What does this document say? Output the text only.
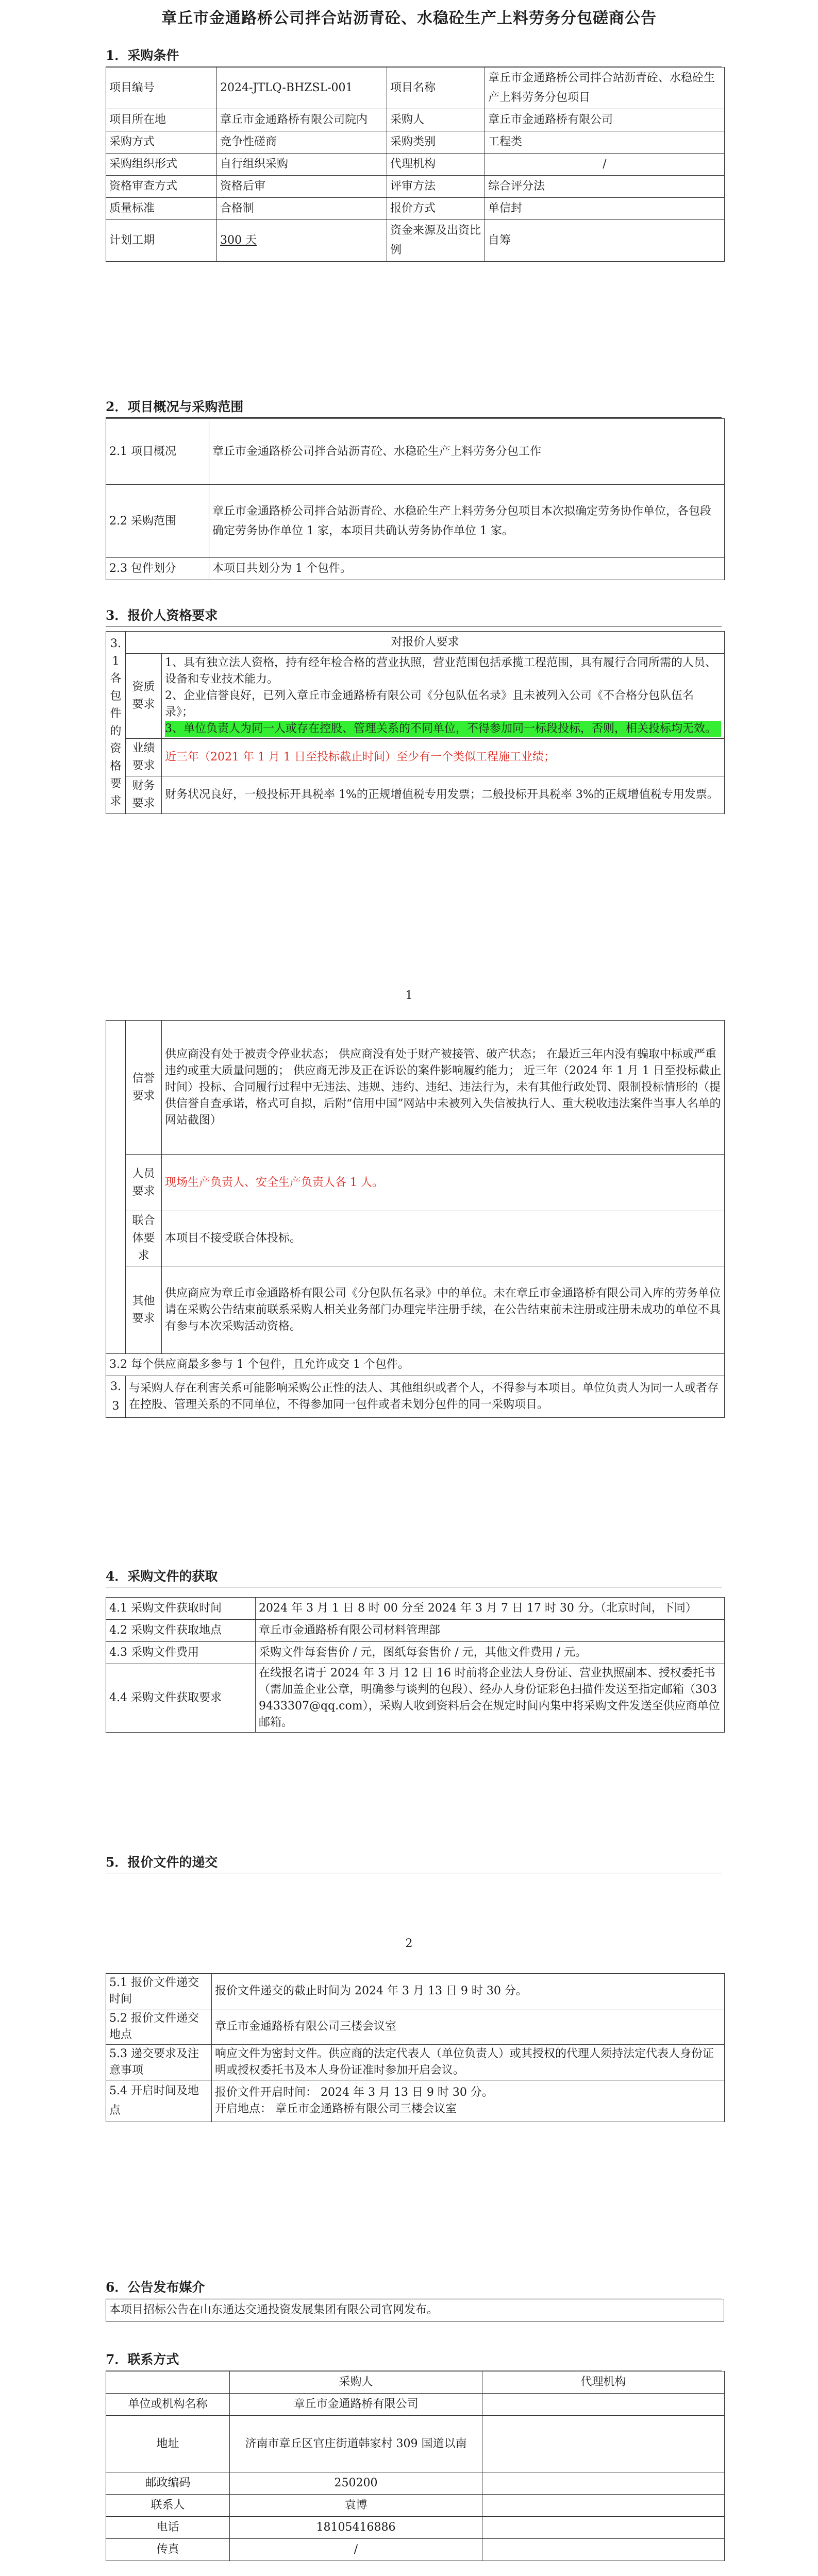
章丘市金通路桥公司拌合站沥青砼、水稳砼生产上料劳务分包磋商公告
1．采购条件
项目编号	2024-JTLQ-BHZSL-001	项目名称	章丘市金通路桥公司拌合站沥青砼、水稳砼生产上料劳务分包项目
项目所在地	章丘市金通路桥有限公司院内	采购人	章丘市金通路桥有限公司
采购方式	竞争性磋商	采购类别	工程类
采购组织形式	自行组织采购	代理机构	/
资格审查方式	资格后审	评审方法	综合评分法
质量标准	合格制	报价方式	单信封
计划工期	300 天	资金来源及出资比例	自筹
2．项目概况与采购范围
2.1 项目概况	章丘市金通路桥公司拌合站沥青砼、水稳砼生产上料劳务分包工作
2.2 采购范围	章丘市金通路桥公司拌合站沥青砼、水稳砼生产上料劳务分包项目本次拟确定劳务协作单位，各包段确定劳务协作单位 1 家，本项目共确认劳务协作单位 1 家。
2.3 包件划分	本项目共划分为 1 个包件。
3．报价人资格要求
3.1 各包件的资格要求	对报价人要求	
	资质要求	1、具有独立法人资格，持有经年检合格的营业执照，营业范围包括承揽工程范围，具有履行合同所需的人员、设备和专业技术能力。
2、企业信誉良好，已列入章丘市金通路桥有限公司《分包队伍名录》且未被列入公司《不合格分包队伍名录》；
3、单位负责人为同一人或存在控股、管理关系的不同单位，不得参加同一标段投标，否则，相关投标均无效。

	业绩要求	近三年（2021 年 1 月 1 日至投标截止时间）至少有一个类似工程施工业绩；
	财务要求	财务状况良好，一般投标开具税率 1%的正规增值税专用发票；二般投标开具税率 3%的正规增值税专用发票。
1
	信誉要求	供应商没有处于被责令停业状态； 供应商没有处于财产被接管、破产状态； 在最近三年内没有骗取中标或严重违约或重大质量问题的； 供应商无涉及正在诉讼的案件影响履约能力； 近三年（2024 年 1 月 1 日至投标截止时间）投标、合同履行过程中无违法、违规、违约、违纪、违法行为，未有其他行政处罚、限制投标情形的（提供信誉自查承诺，格式可自拟，后附“信用中国”网站中未被列入失信被执行人、重大税收违法案件当事人名单的网站截图）
	人员要求	现场生产负责人、安全生产负责人各 1 人。
	联合体要求	本项目不接受联合体投标。
	其他要求	供应商应为章丘市金通路桥有限公司《分包队伍名录》中的单位。未在章丘市金通路桥有限公司入库的劳务单位请在采购公告结束前联系采购人相关业务部门办理完毕注册手续，在公告结束前未注册或注册未成功的单位不具有参与本次采购活动资格。
3.2 每个供应商最多参与 1 个包件，且允许成交 1 个包件。		
3.3	与采购人存在利害关系可能影响采购公正性的法人、其他组织或者个人，不得参与本项目。单位负责人为同一人或者存在控股、管理关系的不同单位，不得参加同一包件或者未划分包件的同一采购项目。	
4．采购文件的获取
4.1 采购文件获取时间	2024 年 3 月 1 日 8 时 00 分至 2024 年 3 月 7 日 17 时 30 分。（北京时间，下同）
4.2 采购文件获取地点	章丘市金通路桥有限公司材料管理部
4.3 采购文件费用	采购文件每套售价 / 元，图纸每套售价 / 元，其他文件费用 / 元。
4.4 采购文件获取要求	在线报名请于 2024 年 3 月 12 日 16 时前将企业法人身份证、营业执照副本、授权委托书（需加盖企业公章，明确参与谈判的包段）、经办人身份证彩色扫描件发送至指定邮箱（3039433307@qq.com），采购人收到资料后会在规定时间内集中将采购文件发送至供应商单位邮箱。
5．报价文件的递交
2
5.1 报价文件递交时间	报价文件递交的截止时间为 2024 年 3 月 13 日 9 时 30 分。
5.2 报价文件递交地点	章丘市金通路桥有限公司三楼会议室
5.3 递交要求及注意事项	响应文件为密封文件。供应商的法定代表人（单位负责人）或其授权的代理人须持法定代表人身份证明或授权委托书及本人身份证准时参加开启会议。
5.4 开启时间及地点	报价文件开启时间： 2024 年 3 月 13 日 9 时 30 分。
开启地点： 章丘市金通路桥有限公司三楼会议室
6．公告发布媒介
本项目招标公告在山东通达交通投资发展集团有限公司官网发布。
7．联系方式
	采购人	代理机构
单位或机构名称	章丘市金通路桥有限公司	
地址	济南市章丘区官庄街道韩家村 309 国道以南	
邮政编码	250200	
联系人	袁博	
电话	18105416886	
传真	/	
